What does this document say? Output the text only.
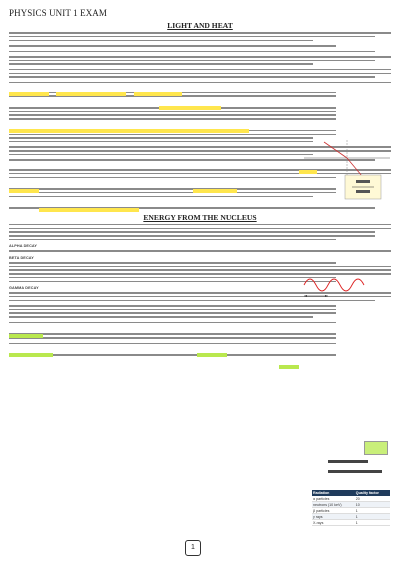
PHYSICS UNIT 1 EXAM
LIGHT AND HEAT

ENERGY FROM THE NUCLEUS
ALPHA DECAY
BETA DECAY
GAMMA DECAY

Radiation	Quality factor
α particles	20
neutrons (10 keV)	10
β particles	1
γ rays	1
X-rays	1
1
